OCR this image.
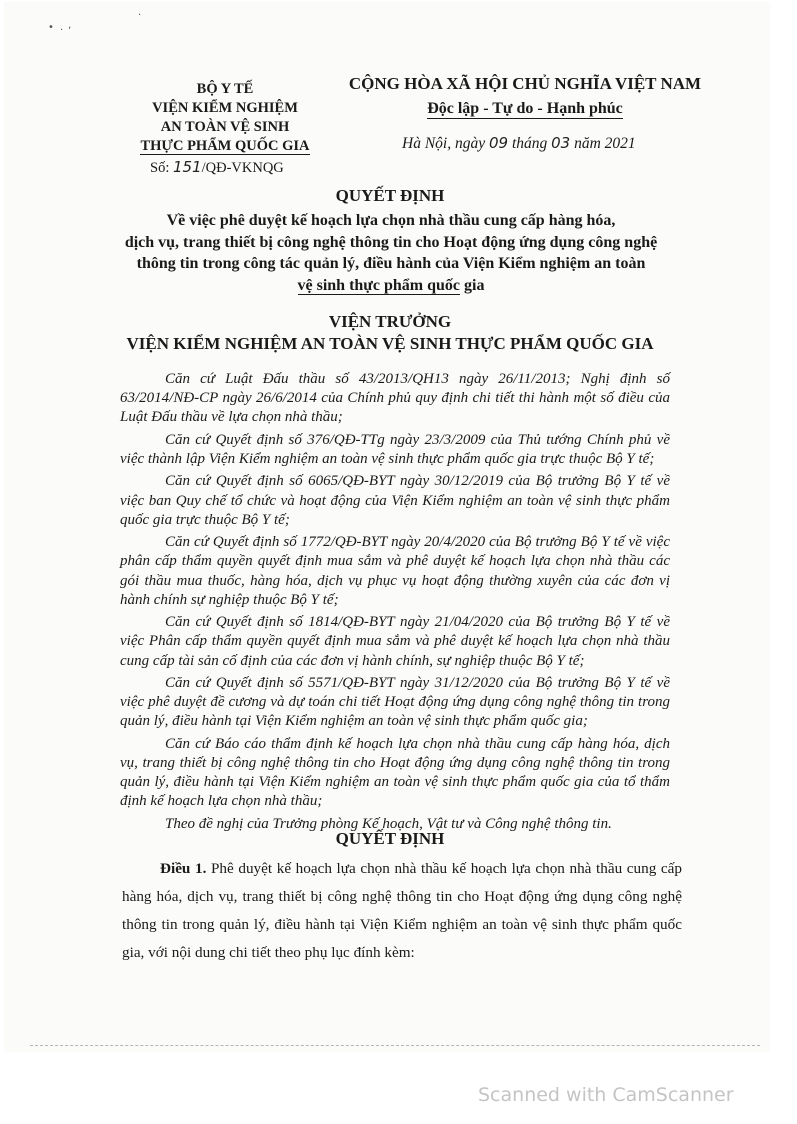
• · ‚
·
BỘ Y TẾ
VIỆN KIỂM NGHIỆM
AN TOÀN VỆ SINH
THỰC PHẨM QUỐC GIA
Số: 151/QĐ-VKNQG
CỘNG HÒA XÃ HỘI CHỦ NGHĨA VIỆT NAM
Độc lập - Tự do - Hạnh phúc
Hà Nội, ngày 09 tháng 03 năm 2021
QUYẾT ĐỊNH
Về việc phê duyệt kế hoạch lựa chọn nhà thầu cung cấp hàng hóa,
dịch vụ, trang thiết bị công nghệ thông tin cho Hoạt động ứng dụng công nghệ
thông tin trong công tác quản lý, điều hành của Viện Kiểm nghiệm an toàn
vệ sinh thực phẩm quốc gia
VIỆN TRƯỞNG
VIỆN KIỂM NGHIỆM AN TOÀN VỆ SINH THỰC PHẨM QUỐC GIA

Căn cứ Luật Đấu thầu số 43/2013/QH13 ngày 26/11/2013; Nghị định số 63/2014/NĐ-CP ngày 26/6/2014 của Chính phủ quy định chi tiết thi hành một số điều của Luật Đấu thầu về lựa chọn nhà thầu;

Căn cứ Quyết định số 376/QĐ-TTg ngày 23/3/2009 của Thủ tướng Chính phủ về việc thành lập Viện Kiểm nghiệm an toàn vệ sinh thực phẩm quốc gia trực thuộc Bộ Y tế;

Căn cứ Quyết định số 6065/QĐ-BYT ngày 30/12/2019 của Bộ trưởng Bộ Y tế về việc ban Quy chế tổ chức và hoạt động của Viện Kiểm nghiệm an toàn vệ sinh thực phẩm quốc gia trực thuộc Bộ Y tế;

Căn cứ Quyết định số 1772/QĐ-BYT ngày 20/4/2020 của Bộ trưởng Bộ Y tế về việc phân cấp thẩm quyền quyết định mua sắm và phê duyệt kế hoạch lựa chọn nhà thầu các gói thầu mua thuốc, hàng hóa, dịch vụ phục vụ hoạt động thường xuyên của các đơn vị hành chính sự nghiệp thuộc Bộ Y tế;

Căn cứ Quyết định số 1814/QĐ-BYT ngày 21/04/2020 của Bộ trưởng Bộ Y tế về việc Phân cấp thẩm quyền quyết định mua sắm và phê duyệt kế hoạch lựa chọn nhà thầu cung cấp tài sản cố định của các đơn vị hành chính, sự nghiệp thuộc Bộ Y tế;

Căn cứ Quyết định số 5571/QĐ-BYT ngày 31/12/2020 của Bộ trưởng Bộ Y tế về việc phê duyệt đề cương và dự toán chi tiết Hoạt động ứng dụng công nghệ thông tin trong quản lý, điều hành tại Viện Kiểm nghiệm an toàn vệ sinh thực phẩm quốc gia;

Căn cứ Báo cáo thẩm định kế hoạch lựa chọn nhà thầu cung cấp hàng hóa, dịch vụ, trang thiết bị công nghệ thông tin cho Hoạt động ứng dụng công nghệ thông tin trong quản lý, điều hành tại Viện Kiểm nghiệm an toàn vệ sinh thực phẩm quốc gia của tổ thẩm định kế hoạch lựa chọn nhà thầu;

Theo đề nghị của Trưởng phòng Kế hoạch, Vật tư và Công nghệ thông tin.

QUYẾT ĐỊNH

Điều 1. Phê duyệt kế hoạch lựa chọn nhà thầu kế hoạch lựa chọn nhà thầu cung cấp hàng hóa, dịch vụ, trang thiết bị công nghệ thông tin cho Hoạt động ứng dụng công nghệ thông tin trong quản lý, điều hành tại Viện Kiểm nghiệm an toàn vệ sinh thực phẩm quốc gia, với nội dung chi tiết theo phụ lục đính kèm:

Scanned with CamScanner
